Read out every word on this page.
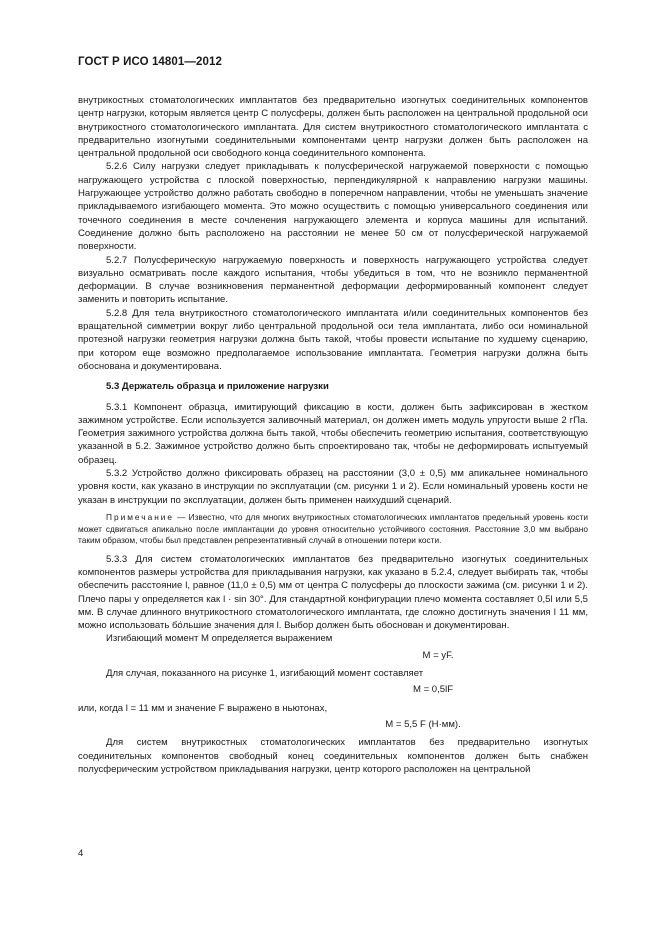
ГОСТ Р ИСО 14801—2012

внутрикостных стоматологических имплантатов без предварительно изогнутых соединительных компонентов центр нагрузки, которым является центр C полусферы, должен быть расположен на центральной продольной оси внутрикостного стоматологического имплантата. Для систем внутрикостного стоматологического имплантата с предварительно изогнутыми соединительными компонентами центр нагрузки должен быть расположен на центральной продольной оси свободного конца соединительного компонента.

5.2.6 Силу нагрузки следует прикладывать к полусферической нагружаемой поверхности с помощью нагружающего устройства с плоской поверхностью, перпендикулярной к направлению нагрузки машины. Нагружающее устройство должно работать свободно в поперечном направлении, чтобы не уменьшать значение прикладываемого изгибающего момента. Это можно осуществить с помощью универсального соединения или точечного соединения в месте сочленения нагружающего элемента и корпуса машины для испытаний. Соединение должно быть расположено на расстоянии не менее 50 см от полусферической нагружаемой поверхности.

5.2.7 Полусферическую нагружаемую поверхность и поверхность нагружающего устройства следует визуально осматривать после каждого испытания, чтобы убедиться в том, что не возникло перманентной деформации. В случае возникновения перманентной деформации деформированный компонент следует заменить и повторить испытание.

5.2.8 Для тела внутрикостного стоматологического имплантата и/или соединительных компонентов без вращательной симметрии вокруг либо центральной продольной оси тела имплантата, либо оси номинальной протезной нагрузки геометрия нагрузки должна быть такой, чтобы провести испытание по худшему сценарию, при котором еще возможно предполагаемое использование имплантата. Геометрия нагрузки должна быть обоснована и документирована.

5.3 Держатель образца и приложение нагрузки

5.3.1 Компонент образца, имитирующий фиксацию в кости, должен быть зафиксирован в жестком зажимном устройстве. Если используется заливочный материал, он должен иметь модуль упругости выше 2 гПа. Геометрия зажимного устройства должна быть такой, чтобы обеспечить геометрию испытания, соответствующую указанной в 5.2. Зажимное устройство должно быть спроектировано так, чтобы не деформировать испытуемый образец.

5.3.2 Устройство должно фиксировать образец на расстоянии (3,0 ± 0,5) мм апикальнее номинального уровня кости, как указано в инструкции по эксплуатации (см. рисунки 1 и 2). Если номинальный уровень кости не указан в инструкции по эксплуатации, должен быть применен наихудший сценарий.

Примечание — Известно, что для многих внутрикостных стоматологических имплантатов предельный уровень кости может сдвигаться апикально после имплантации до уровня относительно устойчивого состояния. Расстояние 3,0 мм выбрано таким образом, чтобы был представлен репрезентативный случай в отношении потери кости.

5.3.3 Для систем стоматологических имплантатов без предварительно изогнутых соединительных компонентов размеры устройства для прикладывания нагрузки, как указано в 5.2.4, следует выбирать так, чтобы обеспечить расстояние l, равное (11,0 ± 0,5) мм от центра C полусферы до плоскости зажима (см. рисунки 1 и 2). Плечо пары y определяется как l · sin 30°. Для стандартной конфигурации плечо момента составляет 0,5l или 5,5 мм. В случае длинного внутрикостного стоматологического имплантата, где сложно достигнуть значения l 11 мм, можно использовать бо́льшие значения для l. Выбор должен быть обоснован и документирован.

Изгибающий момент M определяется выражением

M = yF.

Для случая, показанного на рисунке 1, изгибающий момент составляет

M = 0,5lF

или, когда l = 11 мм и значение F выражено в ньютонах,

M = 5,5 F (Н·мм).

Для систем внутрикостных стоматологических имплантатов без предварительно изогнутых соединительных компонентов свободный конец соединительных компонентов должен быть снабжен полусферическим устройством прикладывания нагрузки, центр которого расположен на центральной

4
